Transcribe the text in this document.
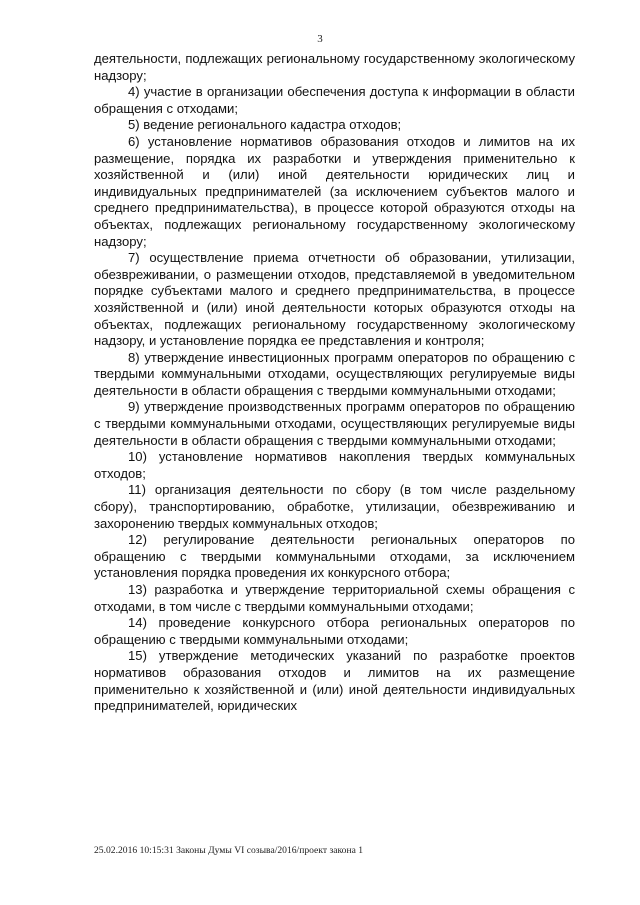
3

деятельности, подлежащих региональному государственному экологическому надзору;

4) участие в организации обеспечения доступа к информации в области обращения с отходами;

5) ведение регионального кадастра отходов;

6) установление нормативов образования отходов и лимитов на их размещение, порядка их разработки и утверждения применительно к хозяйственной и (или) иной деятельности юридических лиц и индивидуальных предпринимателей (за исключением субъектов малого и среднего предпринимательства), в процессе которой образуются отходы на объектах, подлежащих региональному государственному экологическому надзору;

7) осуществление приема отчетности об образовании, утилизации, обезвреживании, о размещении отходов, представляемой в уведомительном порядке субъектами малого и среднего предпринимательства, в процессе хозяйственной и (или) иной деятельности которых образуются отходы на объектах, подлежащих региональному государственному экологическому надзору, и установление порядка ее представления и контроля;

8) утверждение инвестиционных программ операторов по обращению с твердыми коммунальными отходами, осуществляющих регулируемые виды деятельности в области обращения с твердыми коммунальными отходами;

9) утверждение производственных программ операторов по обращению с твердыми коммунальными отходами, осуществляющих регулируемые виды деятельности в области обращения с твердыми коммунальными отходами;

10) установление нормативов накопления твердых коммунальных отходов;

11) организация деятельности по сбору (в том числе раздельному сбору), транспортированию, обработке, утилизации, обезвреживанию и захоронению твердых коммунальных отходов;

12) регулирование деятельности региональных операторов по обращению с твердыми коммунальными отходами, за исключением установления порядка проведения их конкурсного отбора;

13) разработка и утверждение территориальной схемы обращения с отходами, в том числе с твердыми коммунальными отходами;

14) проведение конкурсного отбора региональных операторов по обращению с твердыми коммунальными отходами;

15) утверждение методических указаний по разработке проектов нормативов образования отходов и лимитов на их размещение применительно к хозяйственной и (или) иной деятельности индивидуальных предпринимателей, юридических

25.02.2016 10:15:31 Законы Думы VI созыва/2016/проект закона 1
